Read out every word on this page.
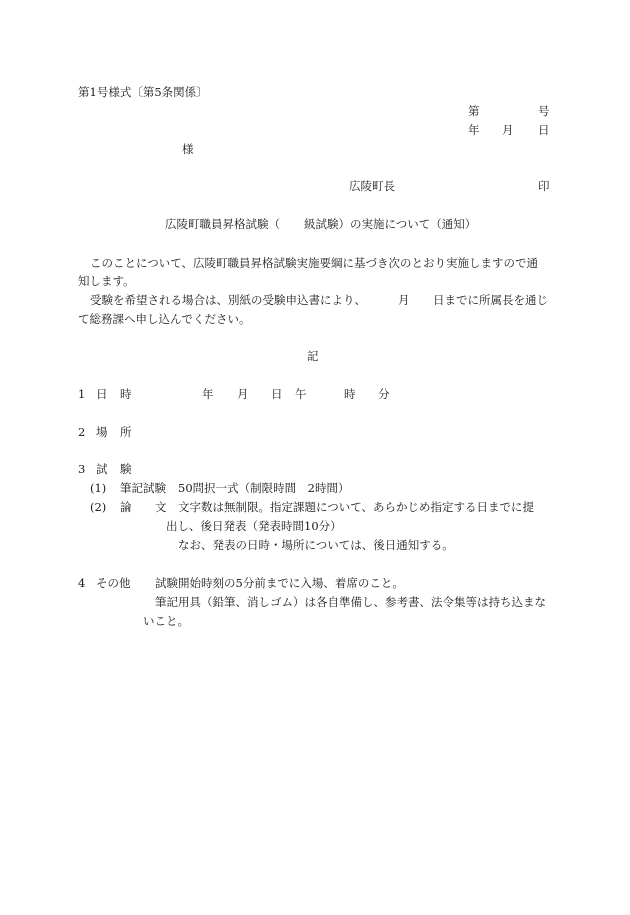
第1号様式〔第5条関係〕
第	号
年 月 日
様
広陵町長	印
広陵町職員昇格試験（ 級試験）の実施について（通知）
このことについて、広陵町職員昇格試験実施要綱に基づき次のとおり実施しますので通
知します。
受験を希望される場合は、別紙の受験申込書により、	月 日までに所属長を通じ
て総務課へ申し込んでください。
記
1 日 時	年 月 日 午	時 分
2 場 所
3 試 験
(1) 筆記試験 50問択一式（制限時間　2時間）
(2) 論 文 文字数は無制限。指定課題について、あらかじめ指定する日までに提
出し、後日発表（発表時間10分）
なお、発表の日時・場所については、後日通知する。
4 その他 試験開始時刻の5分前までに入場、着席のこと。
筆記用具（鉛筆、消しゴム）は各自準備し、参考書、法令集等は持ち込まな
いこと。
